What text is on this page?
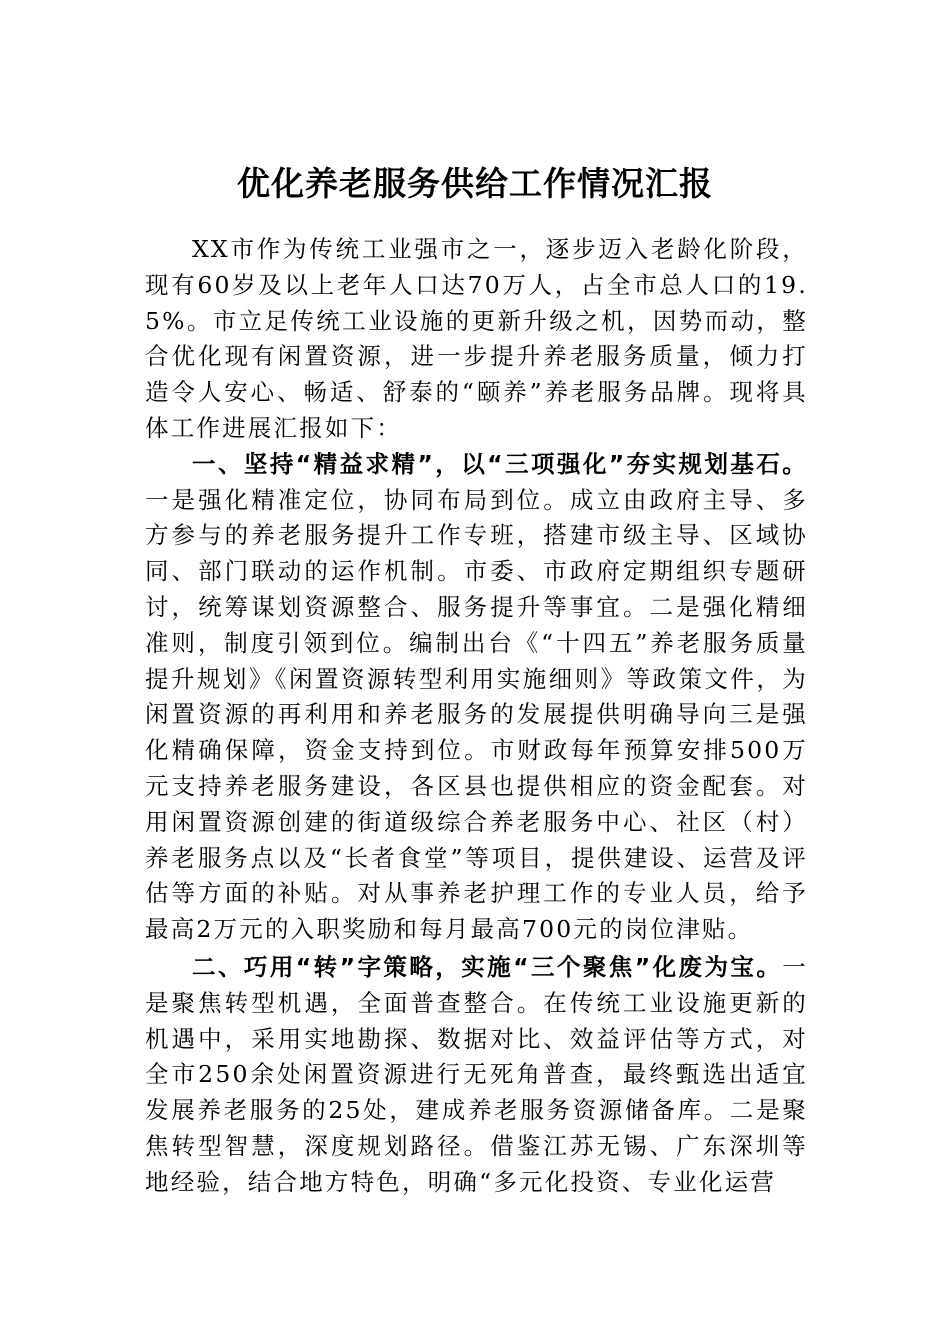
优化养老服务供给工作情况汇报

XX市作为传统工业强市之一，逐步迈入老龄化阶段，现有60岁及以上老年人口达70万人，占全市总人口的19.5%。市立足传统工业设施的更新升级之机，因势而动，整合优化现有闲置资源，进一步提升养老服务质量，倾力打造令人安心、畅适、舒泰的“颐养”养老服务品牌。现将具体工作进展汇报如下：

一、坚持“精益求精”，以“三项强化”夯实规划基石。一是强化精准定位，协同布局到位。成立由政府主导、多方参与的养老服务提升工作专班，搭建市级主导、区域协同、部门联动的运作机制。市委、市政府定期组织专题研讨，统筹谋划资源整合、服务提升等事宜。二是强化精细准则，制度引领到位。编制出台《“十四五”养老服务质量提升规划》《闲置资源转型利用实施细则》等政策文件，为闲置资源的再利用和养老服务的发展提供明确导向三是强化精确保障，资金支持到位。市财政每年预算安排500万元支持养老服务建设，各区县也提供相应的资金配套。对用闲置资源创建的街道级综合养老服务中心、社区（村）养老服务点以及“长者食堂”等项目，提供建设、运营及评估等方面的补贴。对从事养老护理工作的专业人员，给予最高2万元的入职奖励和每月最高700元的岗位津贴。

二、巧用“转”字策略，实施“三个聚焦”化废为宝。一是聚焦转型机遇，全面普查整合。在传统工业设施更新的机遇中，采用实地勘探、数据对比、效益评估等方式，对全市250余处闲置资源进行无死角普查，最终甄选出适宜发展养老服务的25处，建成养老服务资源储备库。二是聚焦转型智慧，深度规划路径。借鉴江苏无锡、广东深圳等地经验，结合地方特色，明确“多元化投资、专业化运营
